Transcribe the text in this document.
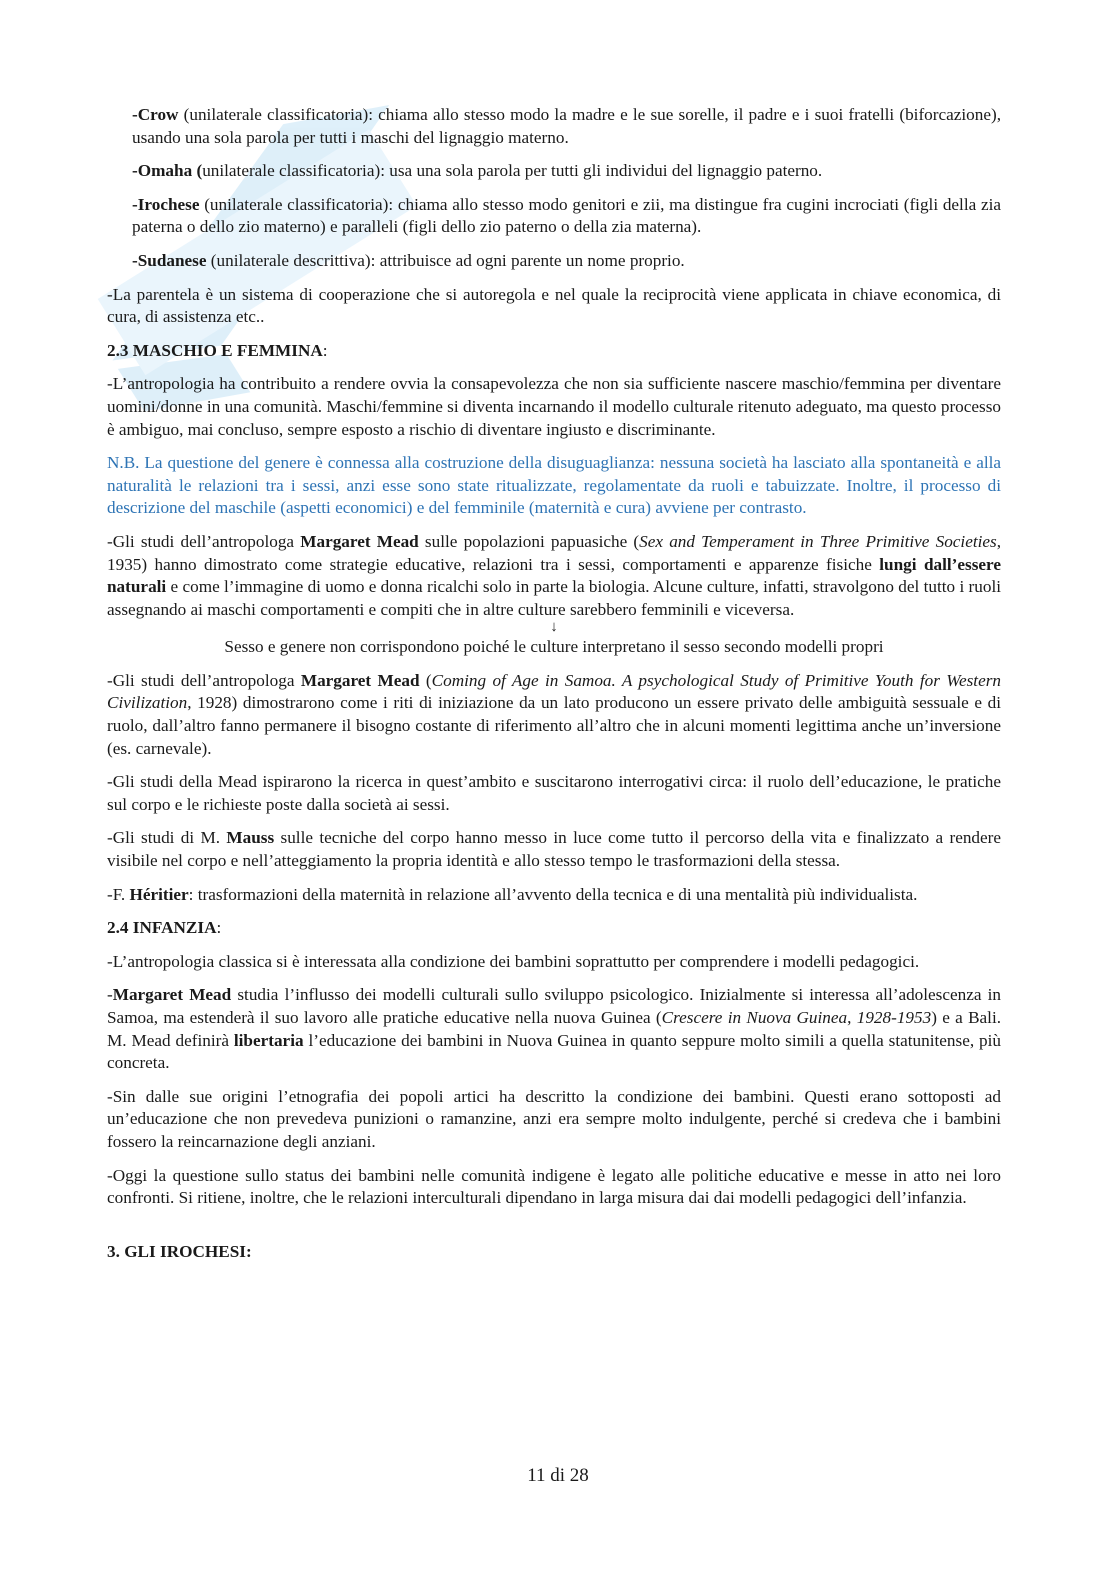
-Crow (unilaterale classificatoria): chiama allo stesso modo la madre e le sue sorelle, il padre e i suoi fratelli (biforcazione), usando una sola parola per tutti i maschi del lignaggio materno.

-Omaha (unilaterale classificatoria): usa una sola parola per tutti gli individui del lignaggio paterno.

-Irochese (unilaterale classificatoria): chiama allo stesso modo genitori e zii, ma distingue fra cugini incrociati (figli della zia paterna o dello zio materno) e paralleli (figli dello zio paterno o della zia materna).

-Sudanese (unilaterale descrittiva): attribuisce ad ogni parente un nome proprio.

-La parentela è un sistema di cooperazione che si autoregola e nel quale la reciprocità viene applicata in chiave economica, di cura, di assistenza etc..

2.3 MASCHIO E FEMMINA:

-L’antropologia ha contribuito a rendere ovvia la consapevolezza che non sia sufficiente nascere maschio/femmina per diventare uomini/donne in una comunità. Maschi/femmine si diventa incarnando il modello culturale ritenuto adeguato, ma questo processo è ambiguo, mai concluso, sempre esposto a rischio di diventare ingiusto e discriminante.

N.B. La questione del genere è connessa alla costruzione della disuguaglianza: nessuna società ha lasciato alla spontaneità e alla naturalità le relazioni tra i sessi, anzi esse sono state ritualizzate, regolamentate da ruoli e tabuizzate. Inoltre, il processo di descrizione del maschile (aspetti economici) e del femminile (maternità e cura) avviene per contrasto.

-Gli studi dell’antropologa Margaret Mead sulle popolazioni papuasiche (Sex and Temperament in Three Primitive Societies, 1935) hanno dimostrato come strategie educative, relazioni tra i sessi, comportamenti e apparenze fisiche lungi dall’essere naturali e come l’immagine di uomo e donna ricalchi solo in parte la biologia. Alcune culture, infatti, stravolgono del tutto i ruoli assegnando ai maschi comportamenti e compiti che in altre culture sarebbero femminili e viceversa.

↓

Sesso e genere non corrispondono poiché le culture interpretano il sesso secondo modelli propri

-Gli studi dell’antropologa Margaret Mead (Coming of Age in Samoa. A psychological Study of Primitive Youth for Western Civilization, 1928) dimostrarono come i riti di iniziazione da un lato producono un essere privato delle ambiguità sessuale e di ruolo, dall’altro fanno permanere il bisogno costante di riferimento all’altro che in alcuni momenti legittima anche un’inversione (es. carnevale).

-Gli studi della Mead ispirarono la ricerca in quest’ambito e suscitarono interrogativi circa: il ruolo dell’educazione, le pratiche sul corpo e le richieste poste dalla società ai sessi.

-Gli studi di M. Mauss sulle tecniche del corpo hanno messo in luce come tutto il percorso della vita e finalizzato a rendere visibile nel corpo e nell’atteggiamento la propria identità e allo stesso tempo le trasformazioni della stessa.

-F. Héritier: trasformazioni della maternità in relazione all’avvento della tecnica e di una mentalità più individualista.

2.4 INFANZIA:

-L’antropologia classica si è interessata alla condizione dei bambini soprattutto per comprendere i modelli pedagogici.

-Margaret Mead studia l’influsso dei modelli culturali sullo sviluppo psicologico. Inizialmente si interessa all’adolescenza in Samoa, ma estenderà il suo lavoro alle pratiche educative nella nuova Guinea (Crescere in Nuova Guinea, 1928-1953) e a Bali. M. Mead definirà libertaria l’educazione dei bambini in Nuova Guinea in quanto seppure molto simili a quella statunitense, più concreta.

-Sin dalle sue origini l’etnografia dei popoli artici ha descritto la condizione dei bambini. Questi erano sottoposti ad un’educazione che non prevedeva punizioni o ramanzine, anzi era sempre molto indulgente, perché si credeva che i bambini fossero la reincarnazione degli anziani.

-Oggi la questione sullo status dei bambini nelle comunità indigene è legato alle politiche educative e messe in atto nei loro confronti. Si ritiene, inoltre, che le relazioni interculturali dipendano in larga misura dai dai modelli pedagogici dell’infanzia.

3. GLI IROCHESI:

11 di 28
